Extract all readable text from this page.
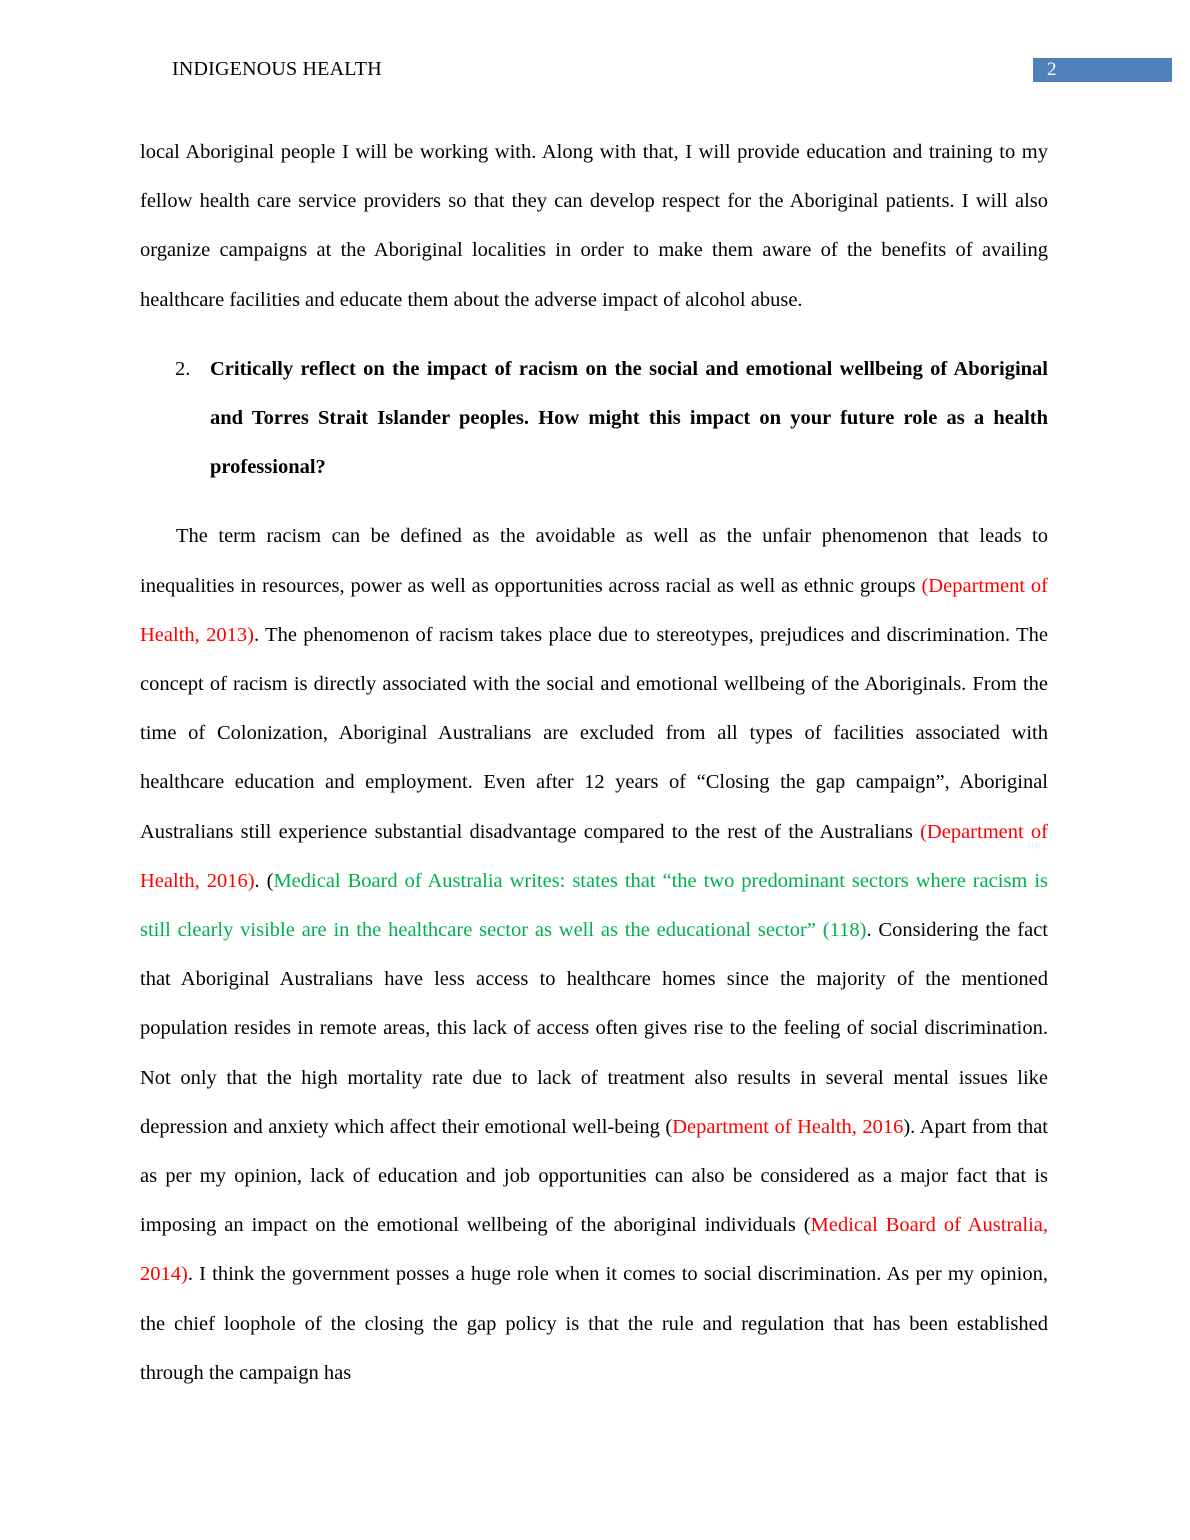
INDIGENOUS HEALTH	2

local Aboriginal people I will be working with. Along with that, I will provide education and training to my fellow health care service providers so that they can develop respect for the Aboriginal patients. I will also organize campaigns at the Aboriginal localities in order to make them aware of the benefits of availing healthcare facilities and educate them about the adverse impact of alcohol abuse.

2. Critically reflect on the impact of racism on the social and emotional wellbeing of Aboriginal and Torres Strait Islander peoples. How might this impact on your future role as a health professional?

The term racism can be defined as the avoidable as well as the unfair phenomenon that leads to inequalities in resources, power as well as opportunities across racial as well as ethnic groups (Department of Health, 2013). The phenomenon of racism takes place due to stereotypes, prejudices and discrimination. The concept of racism is directly associated with the social and emotional wellbeing of the Aboriginals. From the time of Colonization, Aboriginal Australians are excluded from all types of facilities associated with healthcare education and employment. Even after 12 years of “Closing the gap campaign”, Aboriginal Australians still experience substantial disadvantage compared to the rest of the Australians (Department of Health, 2016). (Medical Board of Australia writes: states that “the two predominant sectors where racism is still clearly visible are in the healthcare sector as well as the educational sector” (118). Considering the fact that Aboriginal Australians have less access to healthcare homes since the majority of the mentioned population resides in remote areas, this lack of access often gives rise to the feeling of social discrimination. Not only that the high mortality rate due to lack of treatment also results in several mental issues like depression and anxiety which affect their emotional well-being (Department of Health, 2016). Apart from that as per my opinion, lack of education and job opportunities can also be considered as a major fact that is imposing an impact on the emotional wellbeing of the aboriginal individuals (Medical Board of Australia, 2014). I think the government posses a huge role when it comes to social discrimination. As per my opinion, the chief loophole of the closing the gap policy is that the rule and regulation that has been established through the campaign has
